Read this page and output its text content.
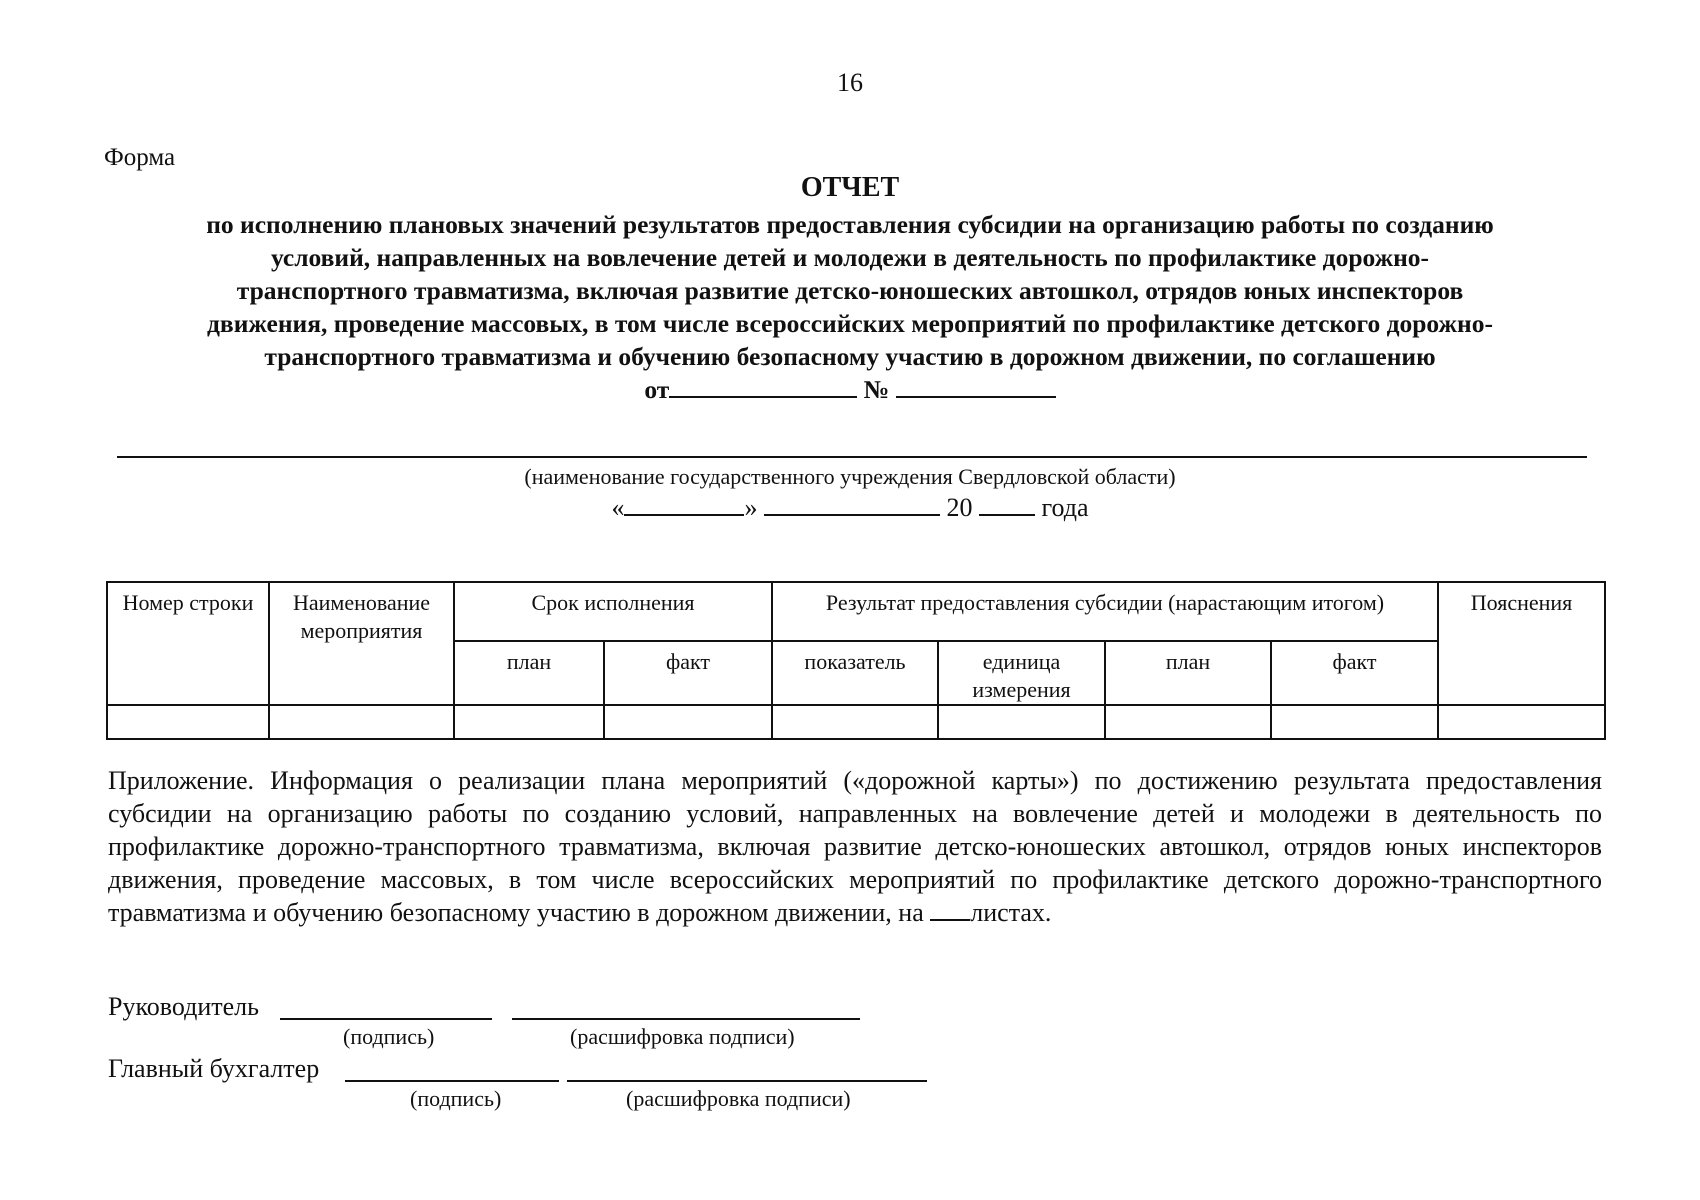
16
Форма
ОТЧЕТ
по исполнению плановых значений результатов предоставления субсидии на организацию работы по созданию
условий, направленных на вовлечение детей и молодежи в деятельность по профилактике дорожно-
транспортного травматизма, включая развитие детско-юношеских автошкол, отрядов юных инспекторов
движения, проведение массовых, в том числе всероссийских мероприятий по профилактике детского дорожно-
транспортного травматизма и обучению безопасному участию в дорожном движении, по соглашению
от	№
(наименование государственного учреждения Свердловской области)
«	»	20	года
Номер строки	Наименование мероприятия	Срок исполнения		Результат предоставления субсидии (нарастающим итогом)				Пояснения
		план	факт	показатель	единица измерения	план	факт	

Приложение. Информация о реализации плана мероприятий («дорожной карты») по достижению результата предоставления субсидии на организацию работы по созданию условий, направленных на вовлечение детей и молодежи в деятельность по профилактике дорожно-транспортного травматизма, включая развитие детско-юношеских автошкол, отрядов юных инспекторов движения, проведение массовых, в том числе всероссийских мероприятий по профилактике детского дорожно-транспортного травматизма и обучению безопасному участию в дорожном движении, на листах.
Руководитель
(подпись)	(расшифровка подписи)
Главный бухгалтер
(подпись)	(расшифровка подписи)
